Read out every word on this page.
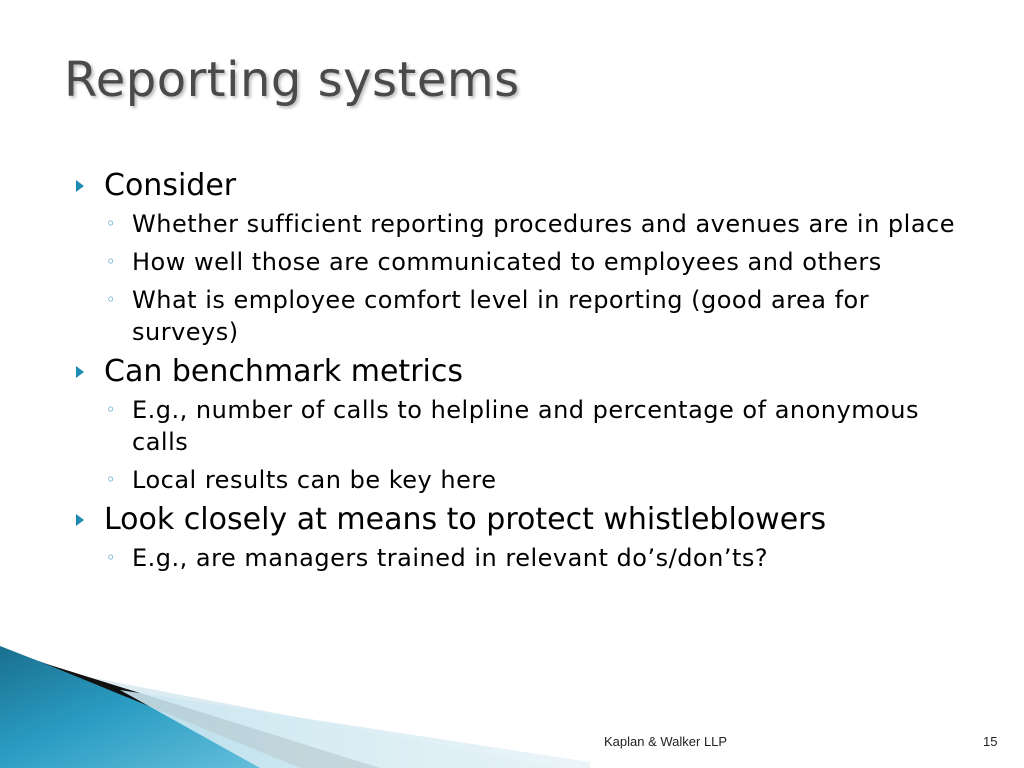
Reporting systems
Consider
◦ Whether sufficient reporting procedures and avenues are in place
◦ How well those are communicated to employees and others
◦ What is employee comfort level in reporting (good area for surveys)
Can benchmark metrics
◦ E.g., number of calls to helpline and percentage of anonymous calls
◦ Local results can be key here
Look closely at means to protect whistleblowers
◦ E.g., are managers trained in relevant do’s/don’ts?
Kaplan & Walker LLP	15
